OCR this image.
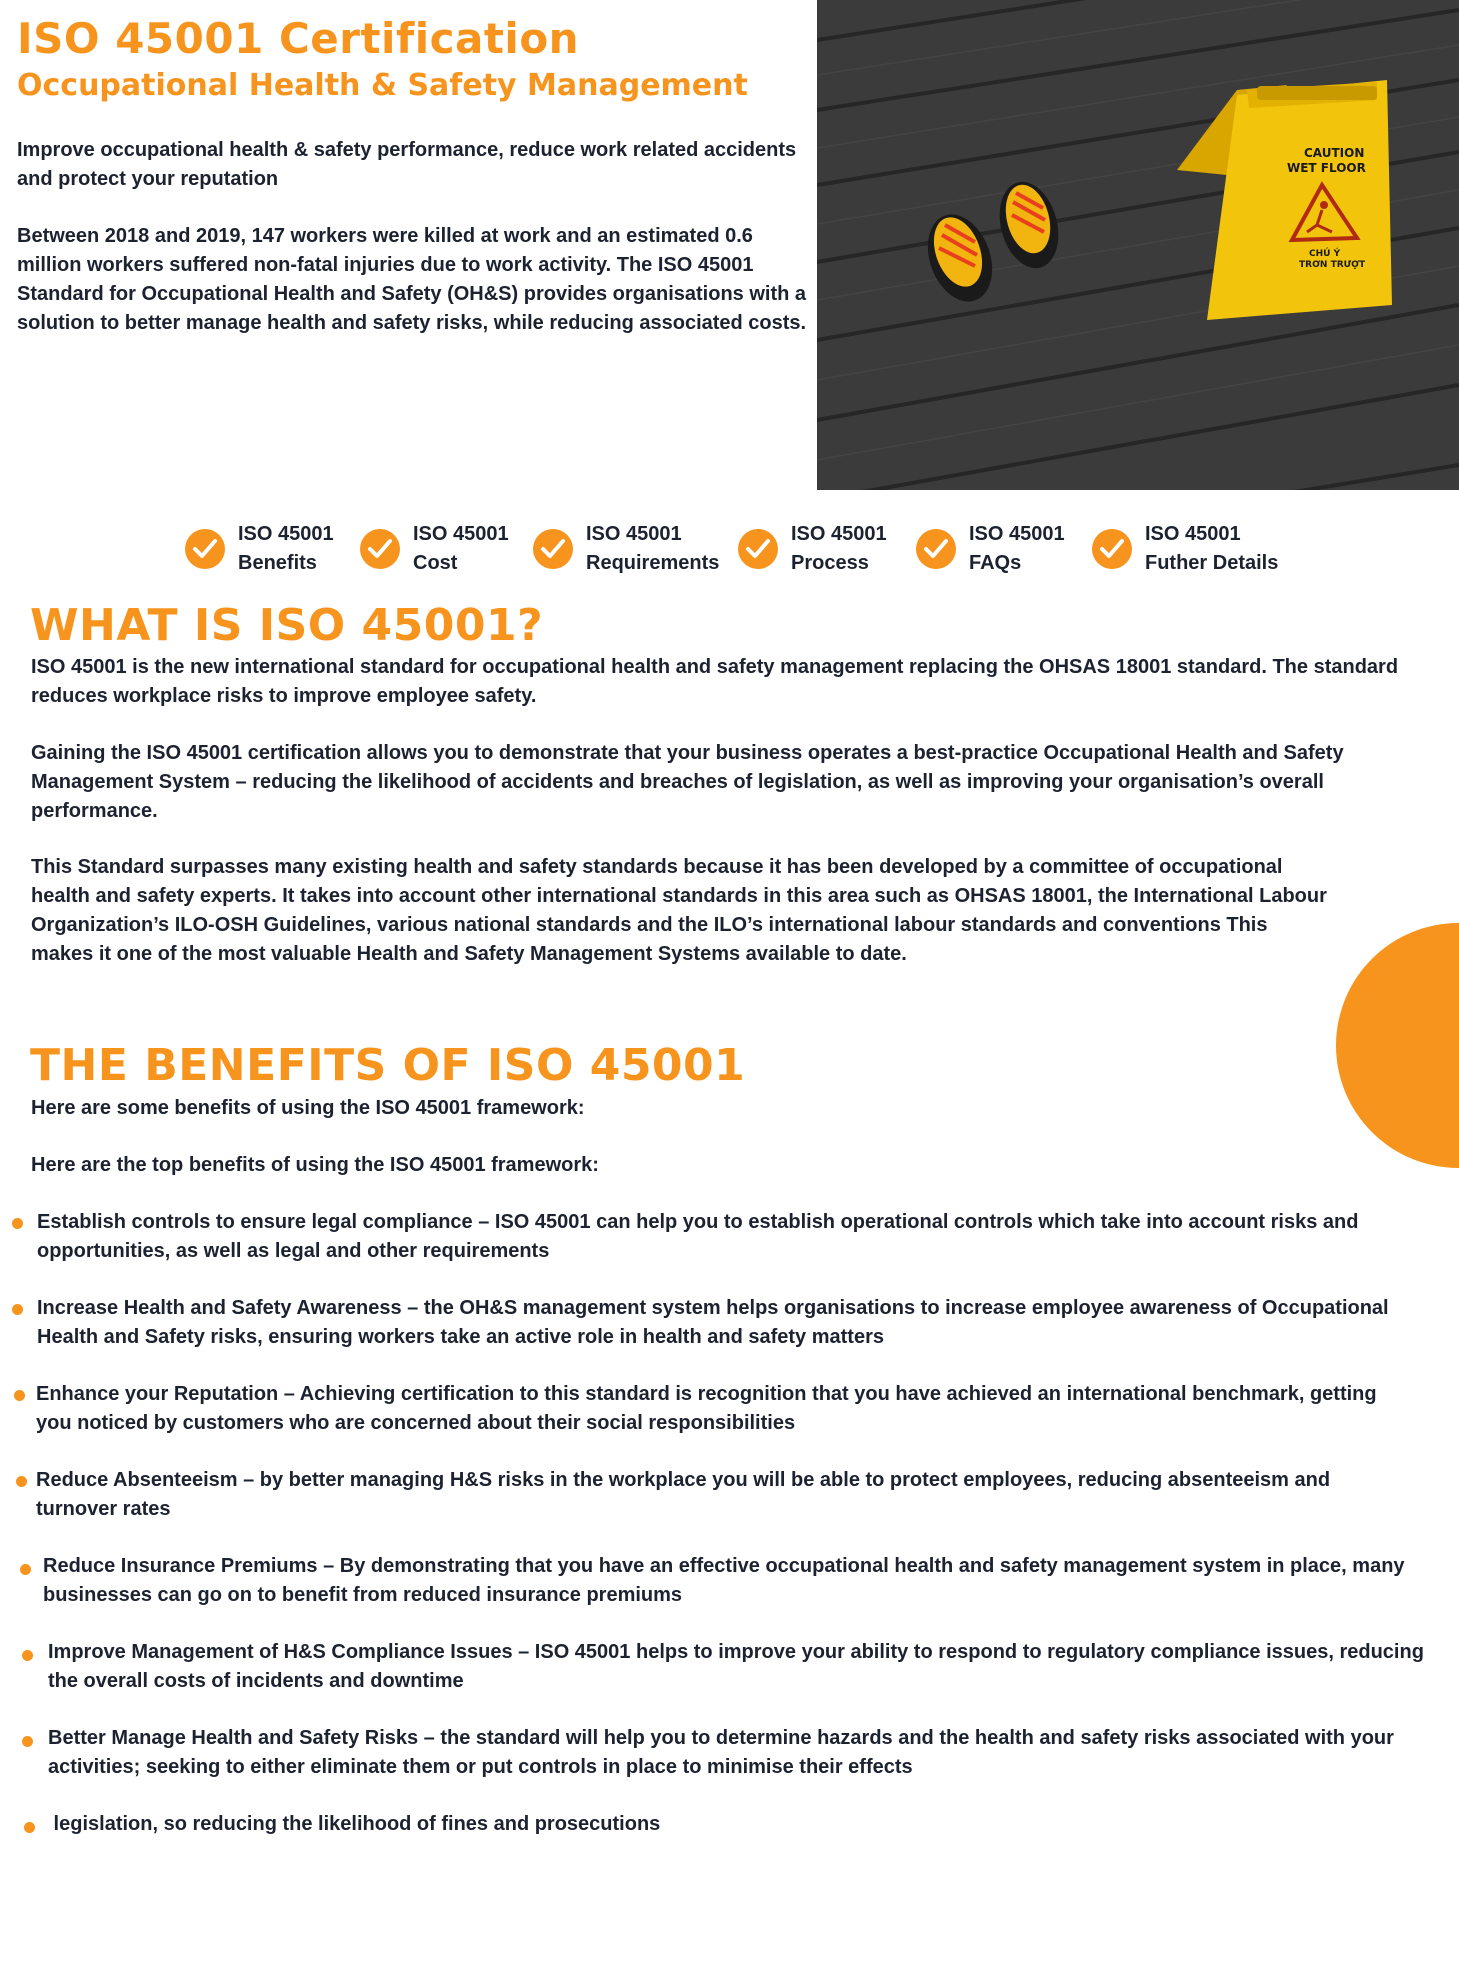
ISO 45001 Certification
Occupational Health & Safety Management

Improve occupational health & safety performance, reduce work related accidents and protect your reputation

Between 2018 and 2019, 147 workers were killed at work and an estimated 0.6 million workers suffered non-fatal injuries due to work activity. The ISO 45001 Standard for Occupational Health and Safety (OH&S) provides organisations with a solution to better manage health and safety risks, while reducing associated costs.

CAUTION
WET FLOOR
CHÚ Ý
TRƠN TRƯỢT
ISO 45001
Benefits
ISO 45001
Cost
ISO 45001
Requirements
ISO 45001
Process
ISO 45001
FAQs
ISO 45001
Futher Details
WHAT IS ISO 45001?

ISO 45001 is the new international standard for occupational health and safety management replacing the OHSAS 18001 standard. The standard reduces workplace risks to improve employee safety.

Gaining the ISO 45001 certification allows you to demonstrate that your business operates a best-practice Occupational Health and Safety Management System – reducing the likelihood of accidents and breaches of legislation, as well as improving your organisation’s overall performance.

This Standard surpasses many existing health and safety standards because it has been developed by a committee of occupational health and safety experts. It takes into account other international standards in this area such as OHSAS 18001, the International Labour Organization’s ILO-OSH Guidelines, various national standards and the ILO’s international labour standards and conventions This makes it one of the most valuable Health and Safety Management Systems available to date.

THE BENEFITS OF ISO 45001

Here are some benefits of using the ISO 45001 framework:

Here are the top benefits of using the ISO 45001 framework:

Establish controls to ensure legal compliance – ISO 45001 can help you to establish operational controls which take into account risks and opportunities, as well as legal and other requirements

Increase Health and Safety Awareness – the OH&S management system helps organisations to increase employee awareness of Occupational Health and Safety risks, ensuring workers take an active role in health and safety matters

Enhance your Reputation – Achieving certification to this standard is recognition that you have achieved an international benchmark, getting you noticed by customers who are concerned about their social responsibilities

Reduce Absenteeism – by better managing H&S risks in the workplace you will be able to protect employees, reducing absenteeism and turnover rates

Reduce Insurance Premiums – By demonstrating that you have an effective occupational health and safety management system in place, many businesses can go on to benefit from reduced insurance premiums

Improve Management of H&S Compliance Issues – ISO 45001 helps to improve your ability to respond to regulatory compliance issues, reducing the overall costs of incidents and downtime

Better Manage Health and Safety Risks – the standard will help you to determine hazards and the health and safety risks associated with your activities; seeking to either eliminate them or put controls in place to minimise their effects

legislation, so reducing the likelihood of fines and prosecutions
